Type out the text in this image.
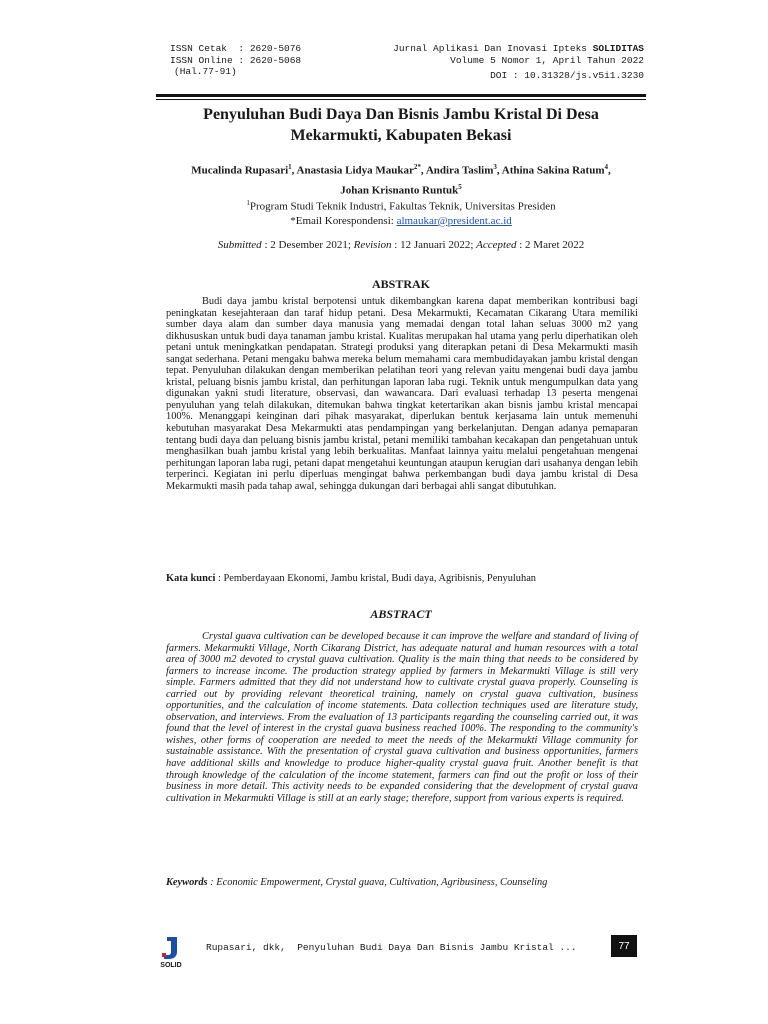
ISSN Cetak  : 2620-5076
ISSN Online : 2620-5068
(Hal.77-91)
Jurnal Aplikasi Dan Inovasi Ipteks SOLIDITAS
Volume 5 Nomor 1, April Tahun 2022
DOI : 10.31328/js.v5i1.3230
Penyuluhan Budi Daya Dan Bisnis Jambu Kristal Di Desa
Mekarmukti, Kabupaten Bekasi
Mucalinda Rupasari$^1$, Anastasia Lidya Maukar$^{2*}$, Andira Taslim$^3$, Athina Sakina Ratum$^4$,
Johan Krisnanto Runtuk$^5$
$^1$Program Studi Teknik Industri, Fakultas Teknik, Universitas Presiden
*Email Korespondensi: almaukar@president.ac.id
Submitted : 2 Desember 2021; Revision : 12 Januari 2022; Accepted : 2 Maret 2022
ABSTRAK
Budi daya jambu kristal berpotensi untuk dikembangkan karena dapat memberikan kontribusi bagi peningkatan kesejahteraan dan taraf hidup petani. Desa Mekarmukti, Kecamatan Cikarang Utara memiliki sumber daya alam dan sumber daya manusia yang memadai dengan total lahan seluas 3000 m2 yang dikhususkan untuk budi daya tanaman jambu kristal. Kualitas merupakan hal utama yang perlu diperhatikan oleh petani untuk meningkatkan pendapatan. Strategi produksi yang diterapkan petani di Desa Mekarmukti masih sangat sederhana. Petani mengaku bahwa mereka belum memahami cara membudidayakan jambu kristal dengan tepat. Penyuluhan dilakukan dengan memberikan pelatihan teori yang relevan yaitu mengenai budi daya jambu kristal, peluang bisnis jambu kristal, dan perhitungan laporan laba rugi. Teknik untuk mengumpulkan data yang digunakan yakni studi literature, observasi, dan wawancara. Dari evaluasi terhadap 13 peserta mengenai penyuluhan yang telah dilakukan, ditemukan bahwa tingkat ketertarikan akan bisnis jambu kristal mencapai 100%. Menanggapi keinginan dari pihak masyarakat, diperlukan bentuk kerjasama lain untuk memenuhi kebutuhan masyarakat Desa Mekarmukti atas pendampingan yang berkelanjutan. Dengan adanya pemaparan tentang budi daya dan peluang bisnis jambu kristal, petani memiliki tambahan kecakapan dan pengetahuan untuk menghasilkan buah jambu kristal yang lebih berkualitas. Manfaat lainnya yaitu melalui pengetahuan mengenai perhitungan laporan laba rugi, petani dapat mengetahui keuntungan ataupun kerugian dari usahanya dengan lebih terperinci. Kegiatan ini perlu diperluas mengingat bahwa perkembangan budi daya jambu kristal di Desa Mekarmukti masih pada tahap awal, sehingga dukungan dari berbagai ahli sangat dibutuhkan.
Kata kunci : Pemberdayaan Ekonomi, Jambu kristal, Budi daya, Agribisnis, Penyuluhan
ABSTRACT
Crystal guava cultivation can be developed because it can improve the welfare and standard of living of farmers. Mekarmukti Village, North Cikarang District, has adequate natural and human resources with a total area of 3000 m2 devoted to crystal guava cultivation. Quality is the main thing that needs to be considered by farmers to increase income. The production strategy applied by farmers in Mekarmukti Village is still very simple. Farmers admitted that they did not understand how to cultivate crystal guava properly. Counseling is carried out by providing relevant theoretical training, namely on crystal guava cultivation, business opportunities, and the calculation of income statements. Data collection techniques used are literature study, observation, and interviews. From the evaluation of 13 participants regarding the counseling carried out, it was found that the level of interest in the crystal guava business reached 100%. The responding to the community's wishes, other forms of cooperation are needed to meet the needs of the Mekarmukti Village community for sustainable assistance. With the presentation of crystal guava cultivation and business opportunities, farmers have additional skills and knowledge to produce higher-quality crystal guava fruit. Another benefit is that through knowledge of the calculation of the income statement, farmers can find out the profit or loss of their business in more detail. This activity needs to be expanded considering that the development of crystal guava cultivation in Mekarmukti Village is still at an early stage; therefore, support from various experts is required.
Keywords : Economic Empowerment, Crystal guava, Cultivation, Agribusiness, Counseling
SOLID
Rupasari, dkk,  Penyuluhan Budi Daya Dan Bisnis Jambu Kristal ...	77
